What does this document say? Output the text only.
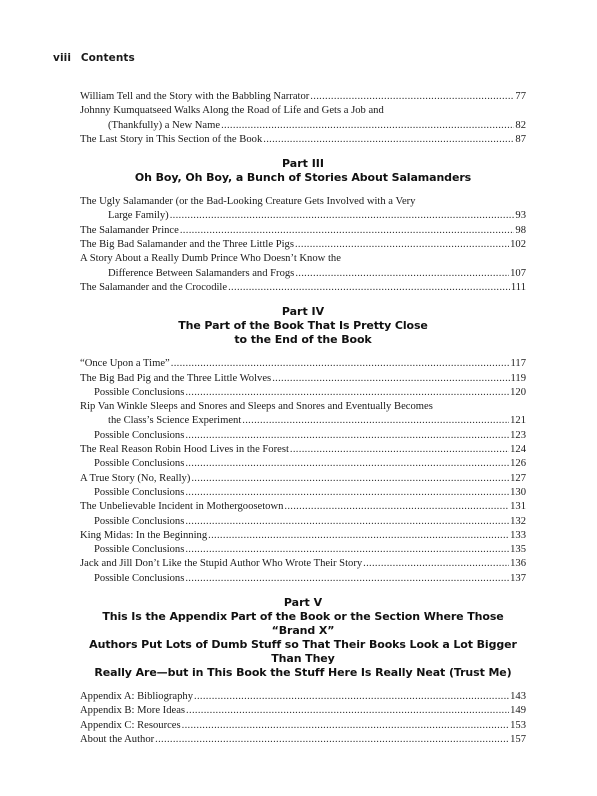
viii Contents
William Tell and the Story with the Babbling Narrator .....	77
Johnny Kumquatseed Walks Along the Road of Life and Gets a Job and
(Thankfully) a New Name .....	82
The Last Story in This Section of the Book .....	87
Part III
Oh Boy, Oh Boy, a Bunch of Stories About Salamanders
The Ugly Salamander (or the Bad-Looking Creature Gets Involved with a Very
Large Family) .....	93
The Salamander Prince .....	98
The Big Bad Salamander and the Three Little Pigs .....	102
A Story About a Really Dumb Prince Who Doesn’t Know the
Difference Between Salamanders and Frogs .....	107
The Salamander and the Crocodile .....	111
Part IV
The Part of the Book That Is Pretty Close
to the End of the Book
“Once Upon a Time” .....	117
The Big Bad Pig and the Three Little Wolves .....	119
Possible Conclusions .....	120
Rip Van Winkle Sleeps and Snores and Sleeps and Snores and Eventually Becomes
the Class’s Science Experiment .....	121
Possible Conclusions .....	123
The Real Reason Robin Hood Lives in the Forest .....	124
Possible Conclusions .....	126
A True Story (No, Really) .....	127
Possible Conclusions .....	130
The Unbelievable Incident in Mothergoosetown .....	131
Possible Conclusions .....	132
King Midas: In the Beginning .....	133
Possible Conclusions .....	135
Jack and Jill Don’t Like the Stupid Author Who Wrote Their Story .....	136
Possible Conclusions .....	137
Part V
This Is the Appendix Part of the Book or the Section Where Those “Brand X”
Authors Put Lots of Dumb Stuff so That Their Books Look a Lot Bigger Than They
Really Are—but in This Book the Stuff Here Is Really Neat (Trust Me)
Appendix A: Bibliography .....	143
Appendix B: More Ideas .....	149
Appendix C: Resources .....	153
About the Author .....	157
